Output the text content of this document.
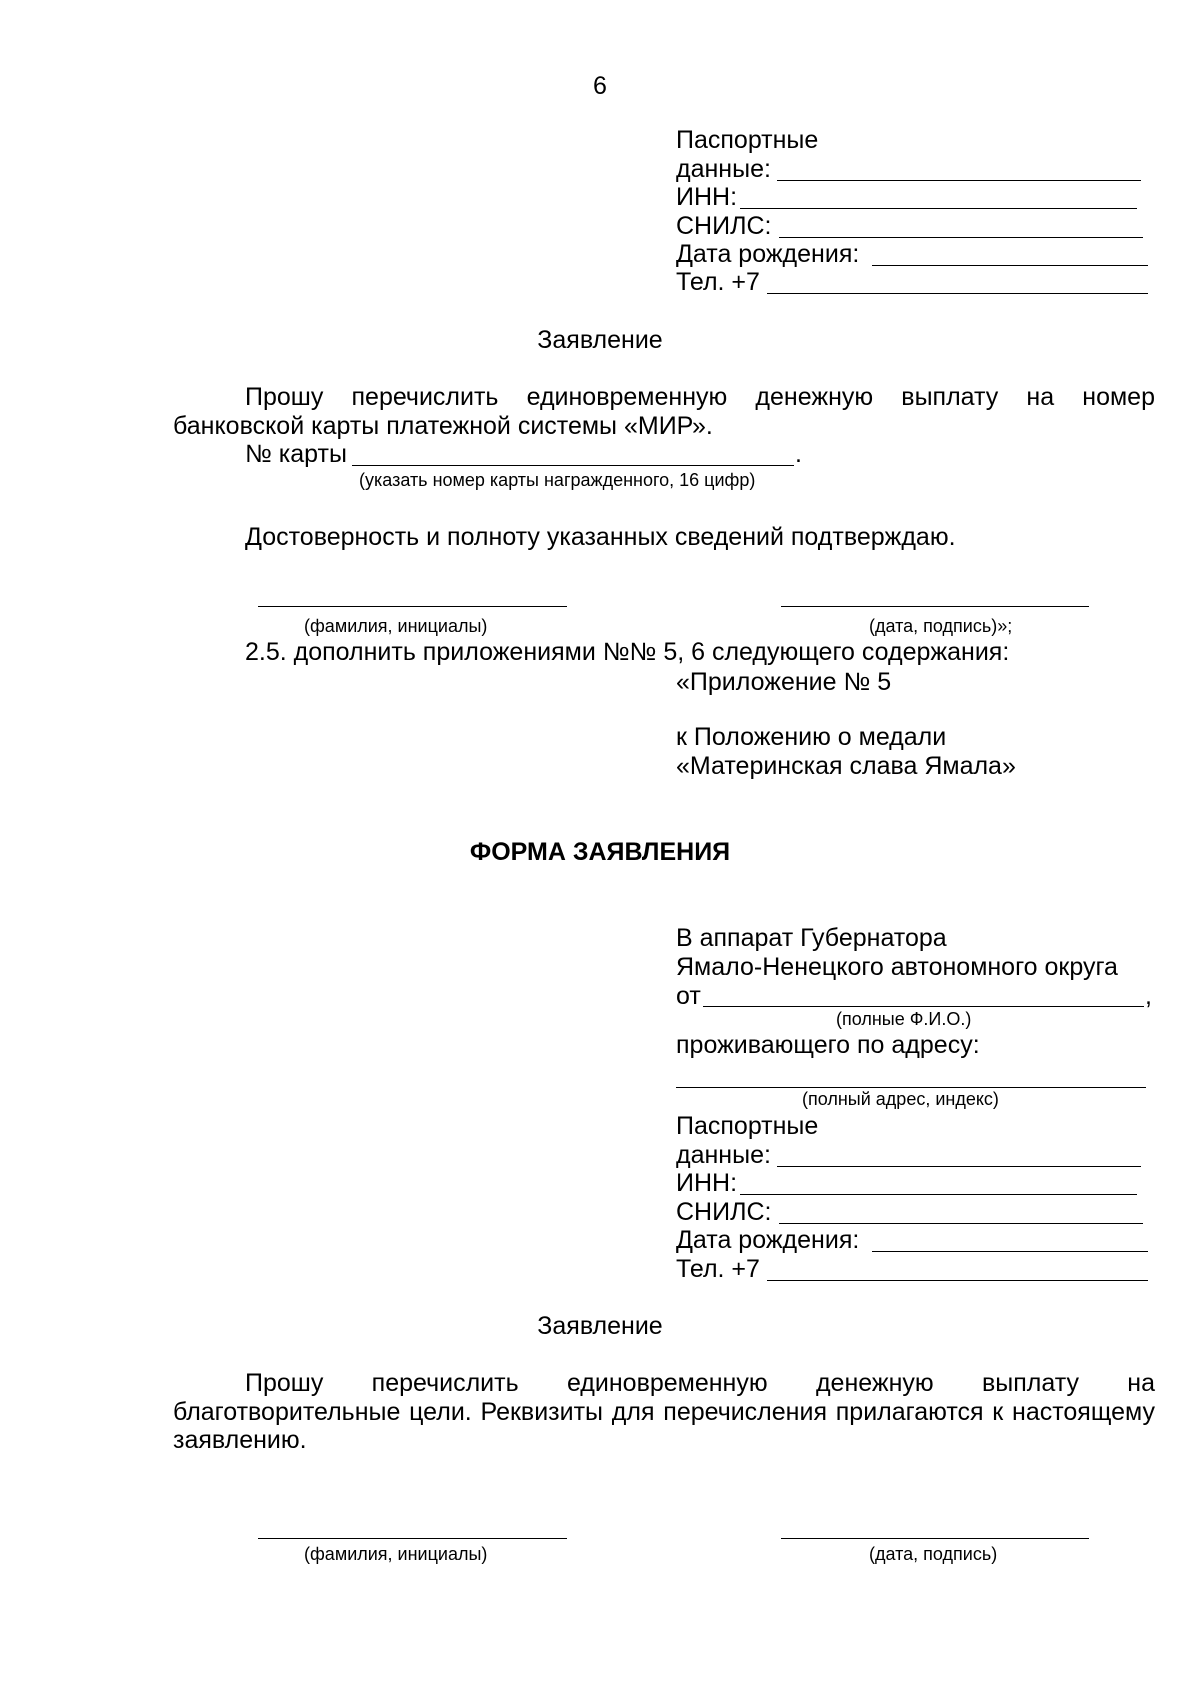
6
Паспортные
данные:
ИНН:
СНИЛС:
Дата рождения:
Тел. +7
Заявление
Прошу перечислить единовременную денежную выплату на номер банковской карты платежной системы «МИР».
№ карты	.
(указать номер карты награжденного, 16 цифр)
Достоверность и полноту указанных сведений подтверждаю.
(фамилия, инициалы)	(дата, подпись)»;
2.5. дополнить приложениями №№ 5, 6 следующего содержания:
«Приложение № 5
к Положению о медали
«Материнская слава Ямала»
ФОРМА ЗАЯВЛЕНИЯ
В аппарат Губернатора
Ямало-Ненецкого автономного округа
от	,
(полные Ф.И.О.)
проживающего по адресу:
(полный адрес, индекс)
Паспортные
данные:
ИНН:
СНИЛС:
Дата рождения:
Тел. +7
Заявление
Прошу перечислить единовременную денежную выплату на благотворительные цели. Реквизиты для перечисления прилагаются к настоящему заявлению.
(фамилия, инициалы)	(дата, подпись)
